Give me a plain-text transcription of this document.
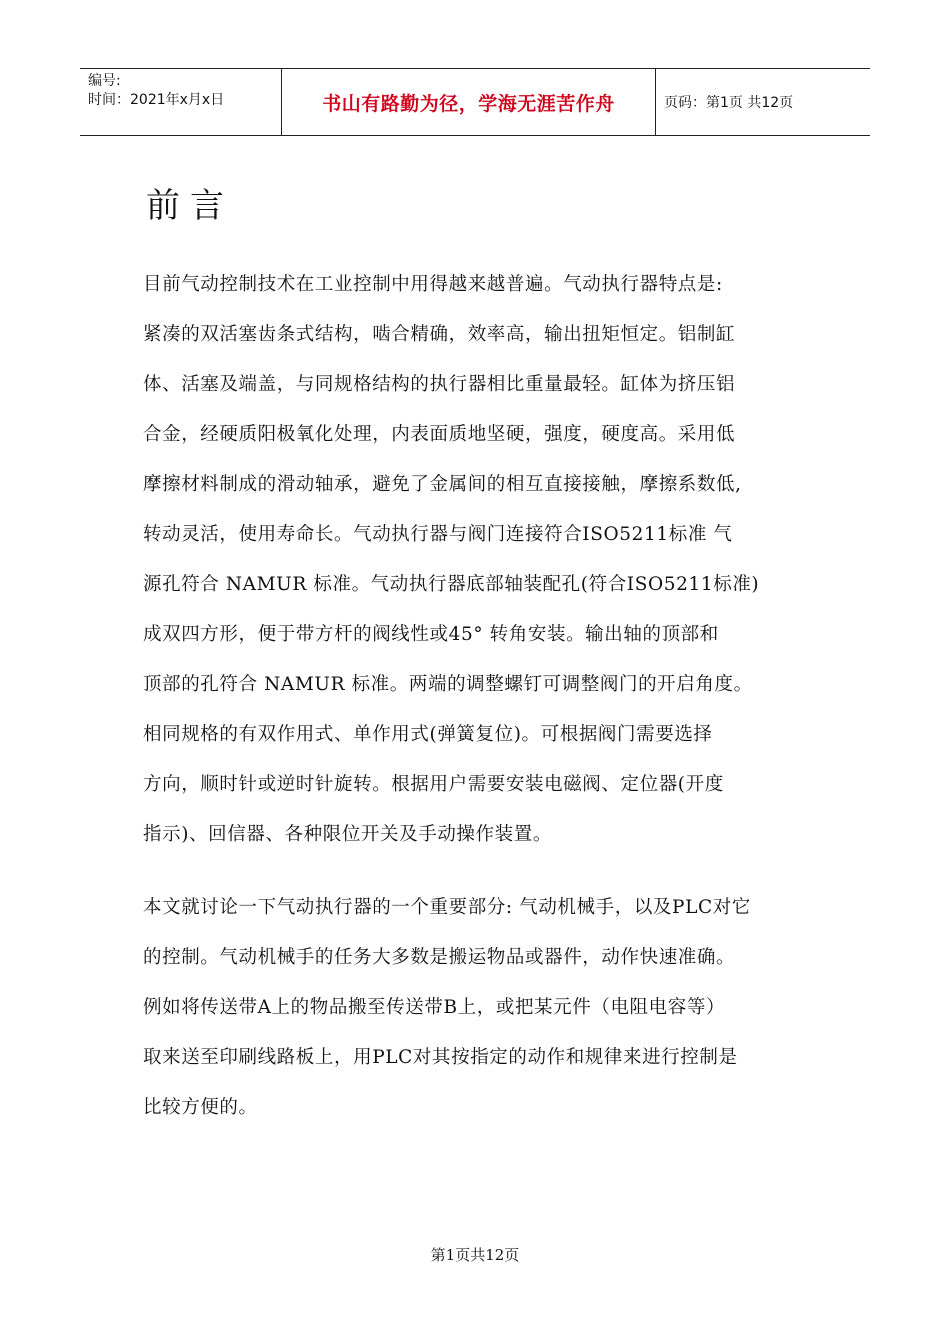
编号:
时间：2021年x月x日	书山有路勤为径，学海无涯苦作舟	页码：第1页 共12页
前言
目前气动控制技术在工业控制中用得越来越普遍。气动执行器特点是:
紧凑的双活塞齿条式结构，啮合精确，效率高，输出扭矩恒定。铝制缸
体、活塞及端盖，与同规格结构的执行器相比重量最轻。缸体为挤压铝
合金，经硬质阳极氧化处理，内表面质地坚硬，强度，硬度高。采用低
摩擦材料制成的滑动轴承，避免了金属间的相互直接接触，摩擦系数低,
转动灵活，使用寿命长。气动执行器与阀门连接符合ISO5211标准 气
源孔符合 NAMUR 标准。气动执行器底部轴装配孔(符合ISO5211标准)
成双四方形，便于带方杆的阀线性或45° 转角安装。输出轴的顶部和
顶部的孔符合 NAMUR 标准。两端的调整螺钉可调整阀门的开启角度。
相同规格的有双作用式、单作用式(弹簧复位)。可根据阀门需要选择
方向，顺时针或逆时针旋转。根据用户需要安装电磁阀、定位器(开度
指示)、回信器、各种限位开关及手动操作装置。
本文就讨论一下气动执行器的一个重要部分: 气动机械手，以及PLC对它
的控制。气动机械手的任务大多数是搬运物品或器件，动作快速准确。
例如将传送带A上的物品搬至传送带B上，或把某元件（电阻电容等）
取来送至印刷线路板上，用PLC对其按指定的动作和规律来进行控制是
比较方便的。
第1页共12页
